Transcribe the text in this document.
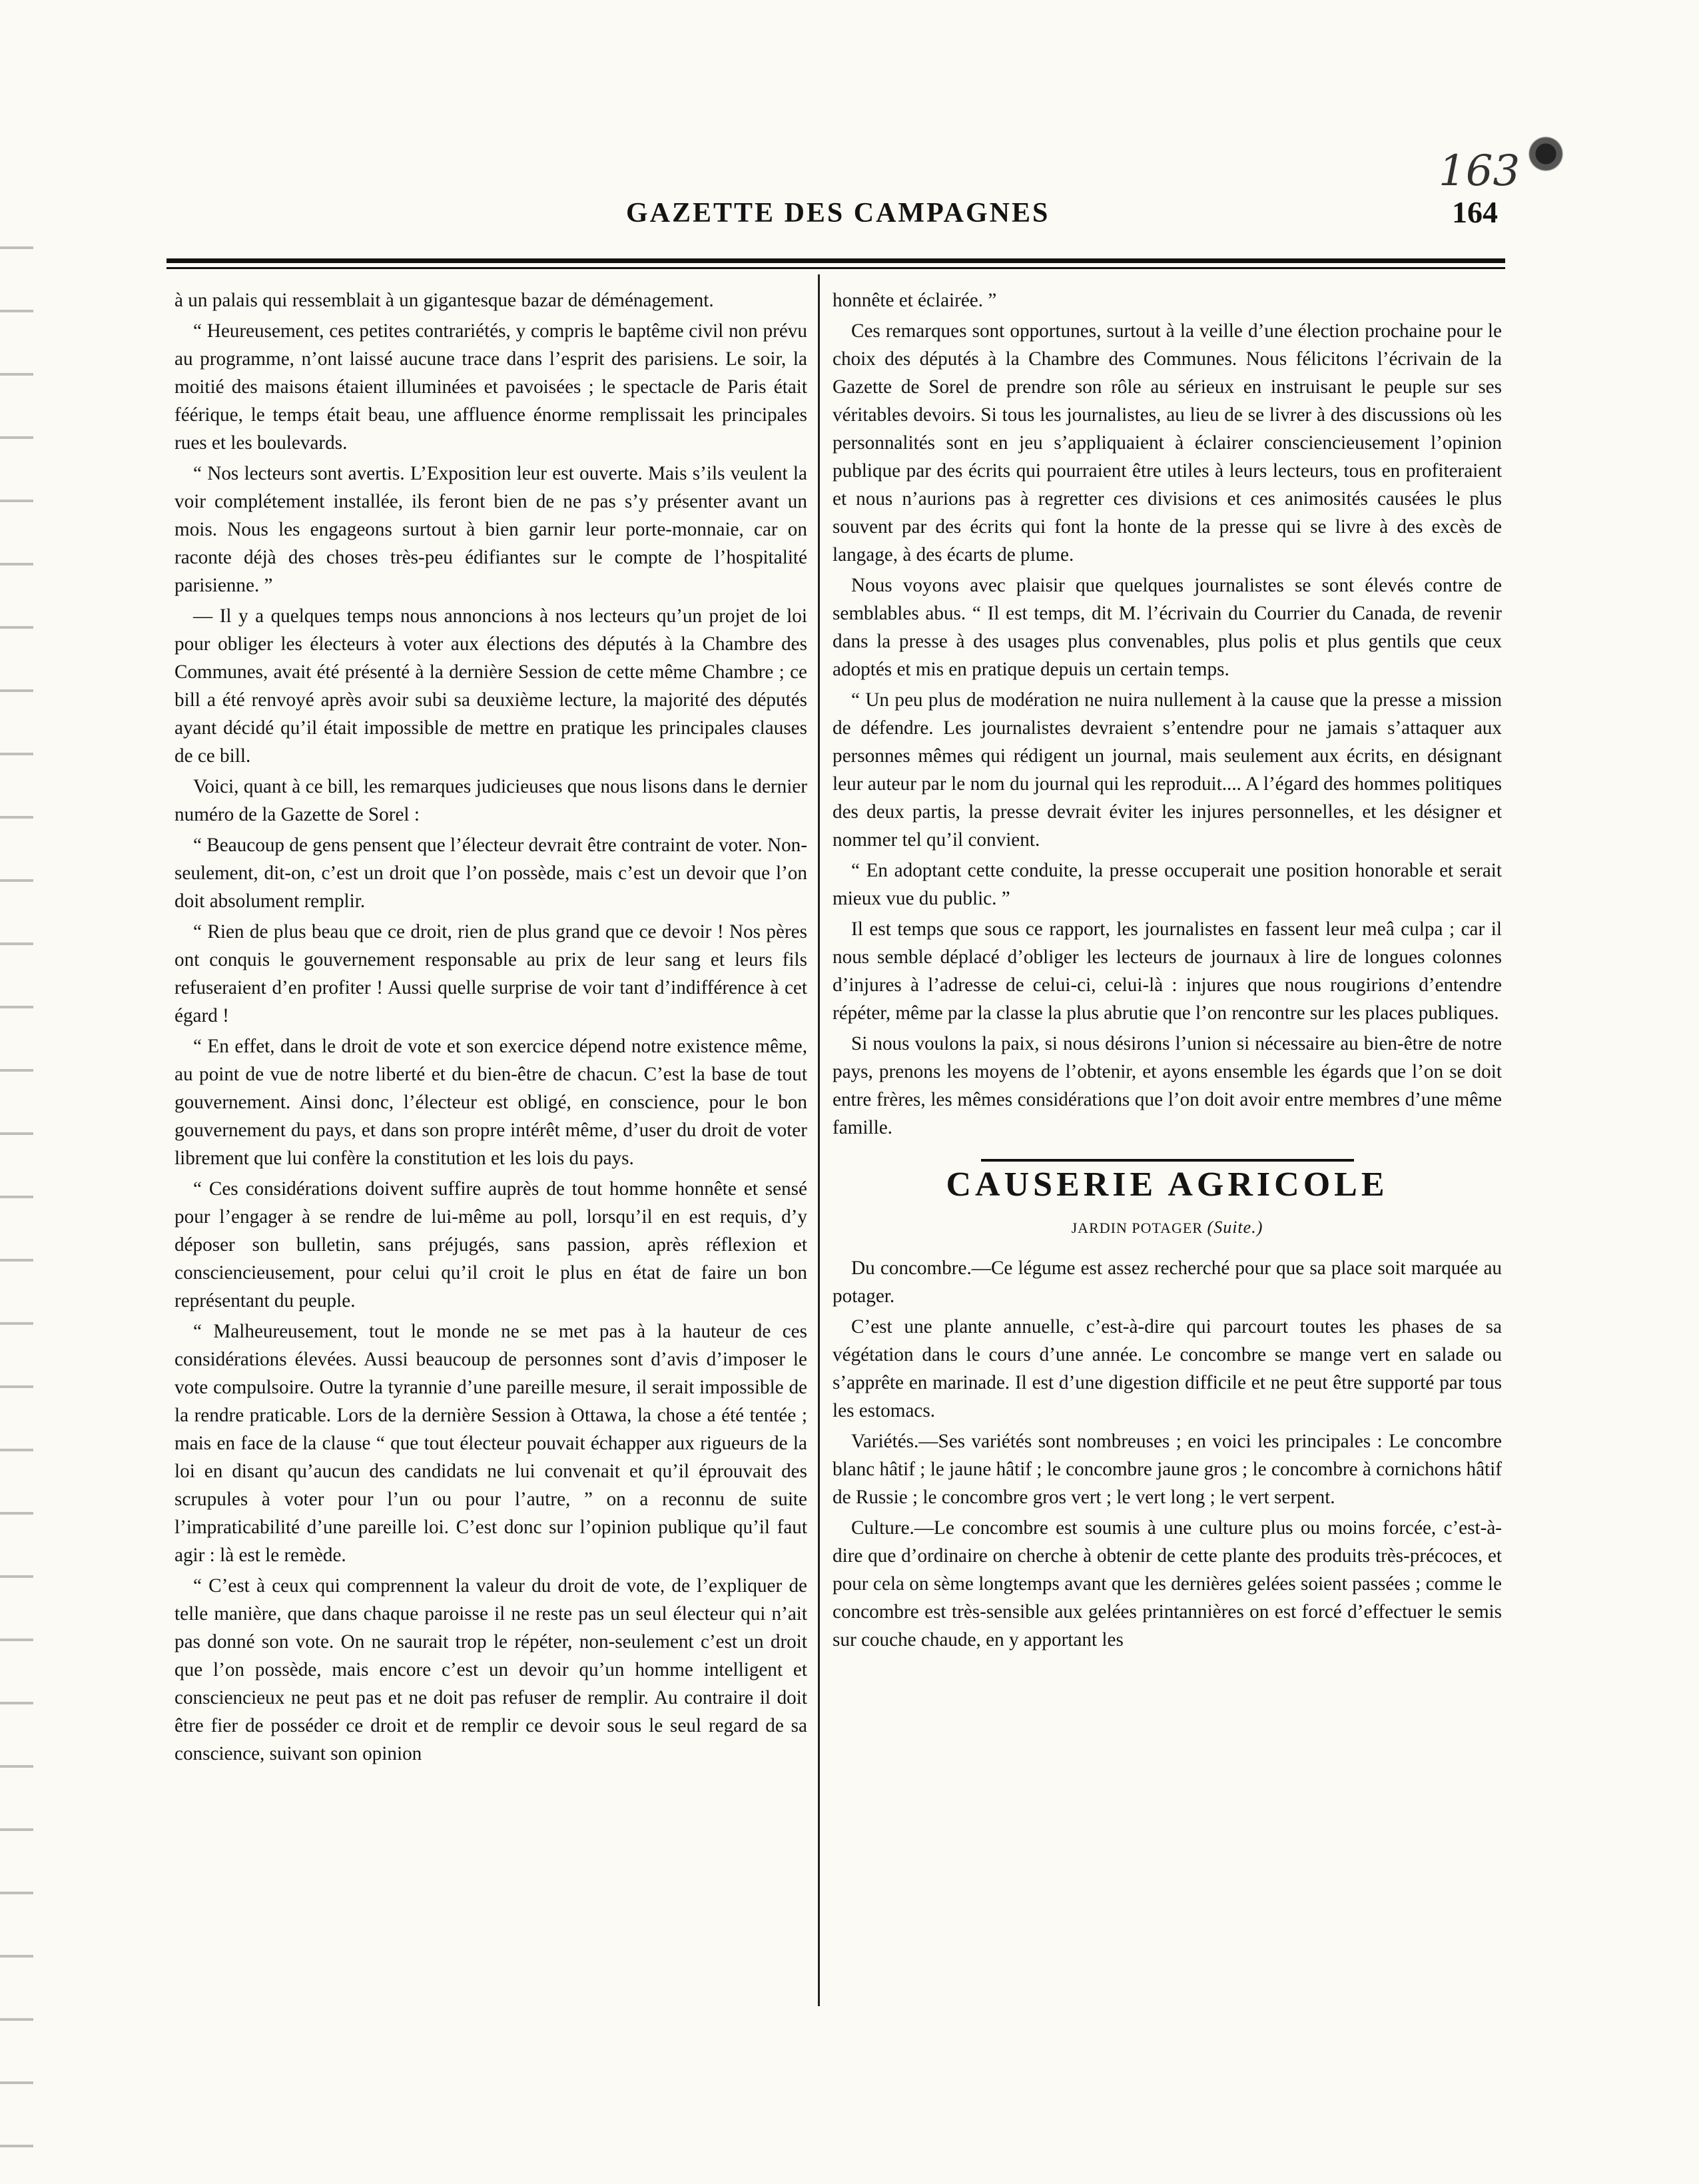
163
GAZETTE DES CAMPAGNES	164

à un palais qui ressemblait à un gigantesque bazar de déménagement.

“ Heureusement, ces petites contrariétés, y compris le baptême civil non prévu au programme, n’ont laissé aucune trace dans l’esprit des parisiens. Le soir, la moitié des maisons étaient illuminées et pavoisées ; le spectacle de Paris était féérique, le temps était beau, une affluence énorme remplissait les principales rues et les boulevards.

“ Nos lecteurs sont avertis. L’Exposition leur est ouverte. Mais s’ils veulent la voir complétement installée, ils feront bien de ne pas s’y présenter avant un mois. Nous les engageons surtout à bien garnir leur porte-monnaie, car on raconte déjà des choses très-peu édifiantes sur le compte de l’hospitalité parisienne. ”

— Il y a quelques temps nous annoncions à nos lecteurs qu’un projet de loi pour obliger les électeurs à voter aux élections des députés à la Chambre des Communes, avait été présenté à la dernière Session de cette même Chambre ; ce bill a été renvoyé après avoir subi sa deuxième lecture, la majorité des députés ayant décidé qu’il était impossible de mettre en pratique les principales clauses de ce bill.

Voici, quant à ce bill, les remarques judicieuses que nous lisons dans le dernier numéro de la Gazette de Sorel :

“ Beaucoup de gens pensent que l’électeur devrait être contraint de voter. Non-seulement, dit-on, c’est un droit que l’on possède, mais c’est un devoir que l’on doit absolument remplir.

“ Rien de plus beau que ce droit, rien de plus grand que ce devoir ! Nos pères ont conquis le gouvernement responsable au prix de leur sang et leurs fils refuseraient d’en profiter ! Aussi quelle surprise de voir tant d’indifférence à cet égard !

“ En effet, dans le droit de vote et son exercice dépend notre existence même, au point de vue de notre liberté et du bien-être de chacun. C’est la base de tout gouvernement. Ainsi donc, l’électeur est obligé, en conscience, pour le bon gouvernement du pays, et dans son propre intérêt même, d’user du droit de voter librement que lui confère la constitution et les lois du pays.

“ Ces considérations doivent suffire auprès de tout homme honnête et sensé pour l’engager à se rendre de lui-même au poll, lorsqu’il en est requis, d’y déposer son bulletin, sans préjugés, sans passion, après réflexion et consciencieusement, pour celui qu’il croit le plus en état de faire un bon représentant du peuple.

“ Malheureusement, tout le monde ne se met pas à la hauteur de ces considérations élevées. Aussi beaucoup de personnes sont d’avis d’imposer le vote compulsoire. Outre la tyrannie d’une pareille mesure, il serait impossible de la rendre praticable. Lors de la dernière Session à Ottawa, la chose a été tentée ; mais en face de la clause “ que tout électeur pouvait échapper aux rigueurs de la loi en disant qu’aucun des candidats ne lui convenait et qu’il éprouvait des scrupules à voter pour l’un ou pour l’autre, ” on a reconnu de suite l’impraticabilité d’une pareille loi. C’est donc sur l’opinion publique qu’il faut agir : là est le remède.

“ C’est à ceux qui comprennent la valeur du droit de vote, de l’expliquer de telle manière, que dans chaque paroisse il ne reste pas un seul électeur qui n’ait pas donné son vote. On ne saurait trop le répéter, non-seulement c’est un droit que l’on possède, mais encore c’est un devoir qu’un homme intelligent et consciencieux ne peut pas et ne doit pas refuser de remplir. Au contraire il doit être fier de posséder ce droit et de remplir ce devoir sous le seul regard de sa conscience, suivant son opinion

honnête et éclairée. ”

Ces remarques sont opportunes, surtout à la veille d’une élection prochaine pour le choix des députés à la Chambre des Communes. Nous félicitons l’écrivain de la Gazette de Sorel de prendre son rôle au sérieux en instruisant le peuple sur ses véritables devoirs. Si tous les journalistes, au lieu de se livrer à des discussions où les personnalités sont en jeu s’appliquaient à éclairer consciencieusement l’opinion publique par des écrits qui pourraient être utiles à leurs lecteurs, tous en profiteraient et nous n’aurions pas à regretter ces divisions et ces animosités causées le plus souvent par des écrits qui font la honte de la presse qui se livre à des excès de langage, à des écarts de plume.

Nous voyons avec plaisir que quelques journalistes se sont élevés contre de semblables abus. “ Il est temps, dit M. l’écrivain du Courrier du Canada, de revenir dans la presse à des usages plus convenables, plus polis et plus gentils que ceux adoptés et mis en pratique depuis un certain temps.

“ Un peu plus de modération ne nuira nullement à la cause que la presse a mission de défendre. Les journalistes devraient s’entendre pour ne jamais s’attaquer aux personnes mêmes qui rédigent un journal, mais seulement aux écrits, en désignant leur auteur par le nom du journal qui les reproduit.... A l’égard des hommes politiques des deux partis, la presse devrait éviter les injures personnelles, et les désigner et nommer tel qu’il convient.

“ En adoptant cette conduite, la presse occuperait une position honorable et serait mieux vue du public. ”

Il est temps que sous ce rapport, les journalistes en fassent leur meâ culpa ; car il nous semble déplacé d’obliger les lecteurs de journaux à lire de longues colonnes d’injures à l’adresse de celui-ci, celui-là : injures que nous rougirions d’entendre répéter, même par la classe la plus abrutie que l’on rencontre sur les places publiques.

Si nous voulons la paix, si nous désirons l’union si nécessaire au bien-être de notre pays, prenons les moyens de l’obtenir, et ayons ensemble les égards que l’on se doit entre frères, les mêmes considérations que l’on doit avoir entre membres d’une même famille.

CAUSERIE AGRICOLE
JARDIN POTAGER (Suite.)

Du concombre.—Ce légume est assez recherché pour que sa place soit marquée au potager.

C’est une plante annuelle, c’est-à-dire qui parcourt toutes les phases de sa végétation dans le cours d’une année. Le concombre se mange vert en salade ou s’apprête en marinade. Il est d’une digestion difficile et ne peut être supporté par tous les estomacs.

Variétés.—Ses variétés sont nombreuses ; en voici les principales : Le concombre blanc hâtif ; le jaune hâtif ; le concombre jaune gros ; le concombre à cornichons hâtif de Russie ; le concombre gros vert ; le vert long ; le vert serpent.

Culture.—Le concombre est soumis à une culture plus ou moins forcée, c’est-à-dire que d’ordinaire on cherche à obtenir de cette plante des produits très-précoces, et pour cela on sème longtemps avant que les dernières gelées soient passées ; comme le concombre est très-sensible aux gelées printannières on est forcé d’effectuer le semis sur couche chaude, en y apportant les
